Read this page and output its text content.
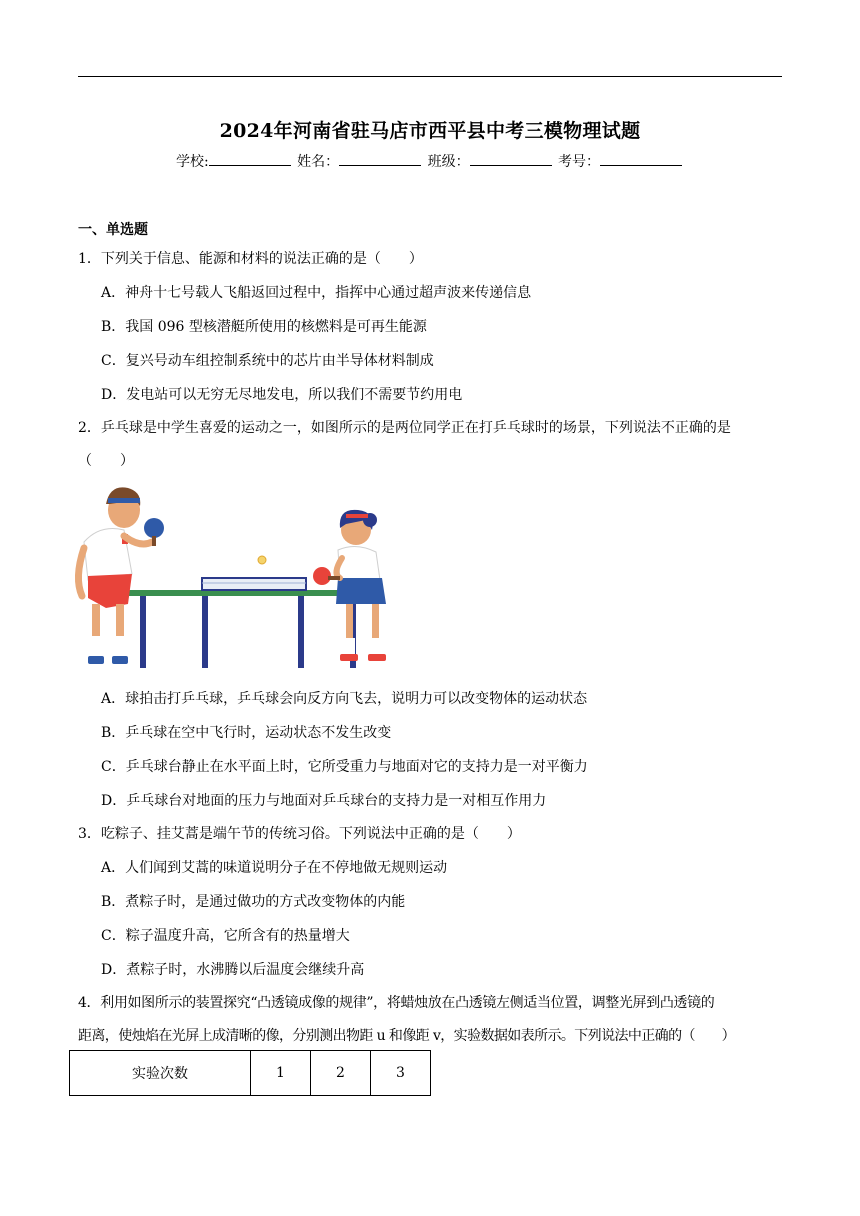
2024年河南省驻马店市西平县中考三模物理试题
学校:	姓名：	班级：	考号：
一、单选题
1．下列关于信息、能源和材料的说法正确的是（　　）
A．神舟十七号载人飞船返回过程中，指挥中心通过超声波来传递信息
B．我国 096 型核潜艇所使用的核燃料是可再生能源
C．复兴号动车组控制系统中的芯片由半导体材料制成
D．发电站可以无穷无尽地发电，所以我们不需要节约用电
2．乒乓球是中学生喜爱的运动之一，如图所示的是两位同学正在打乒乓球时的场景，下列说法不正确的是
（　　）
A．球拍击打乒乓球，乒乓球会向反方向飞去，说明力可以改变物体的运动状态
B．乒乓球在空中飞行时，运动状态不发生改变
C．乒乓球台静止在水平面上时，它所受重力与地面对它的支持力是一对平衡力
D．乒乓球台对地面的压力与地面对乒乓球台的支持力是一对相互作用力
3．吃粽子、挂艾蒿是端午节的传统习俗。下列说法中正确的是（　　）
A．人们闻到艾蒿的味道说明分子在不停地做无规则运动
B．煮粽子时，是通过做功的方式改变物体的内能
C．粽子温度升高，它所含有的热量增大
D．煮粽子时，水沸腾以后温度会继续升高
4．利用如图所示的装置探究“凸透镜成像的规律”，将蜡烛放在凸透镜左侧适当位置，调整光屏到凸透镜的
距离，使烛焰在光屏上成清晰的像，分别测出物距 u 和像距 v，实验数据如表所示。下列说法中正确的（　　）
实验次数	1	2	3
